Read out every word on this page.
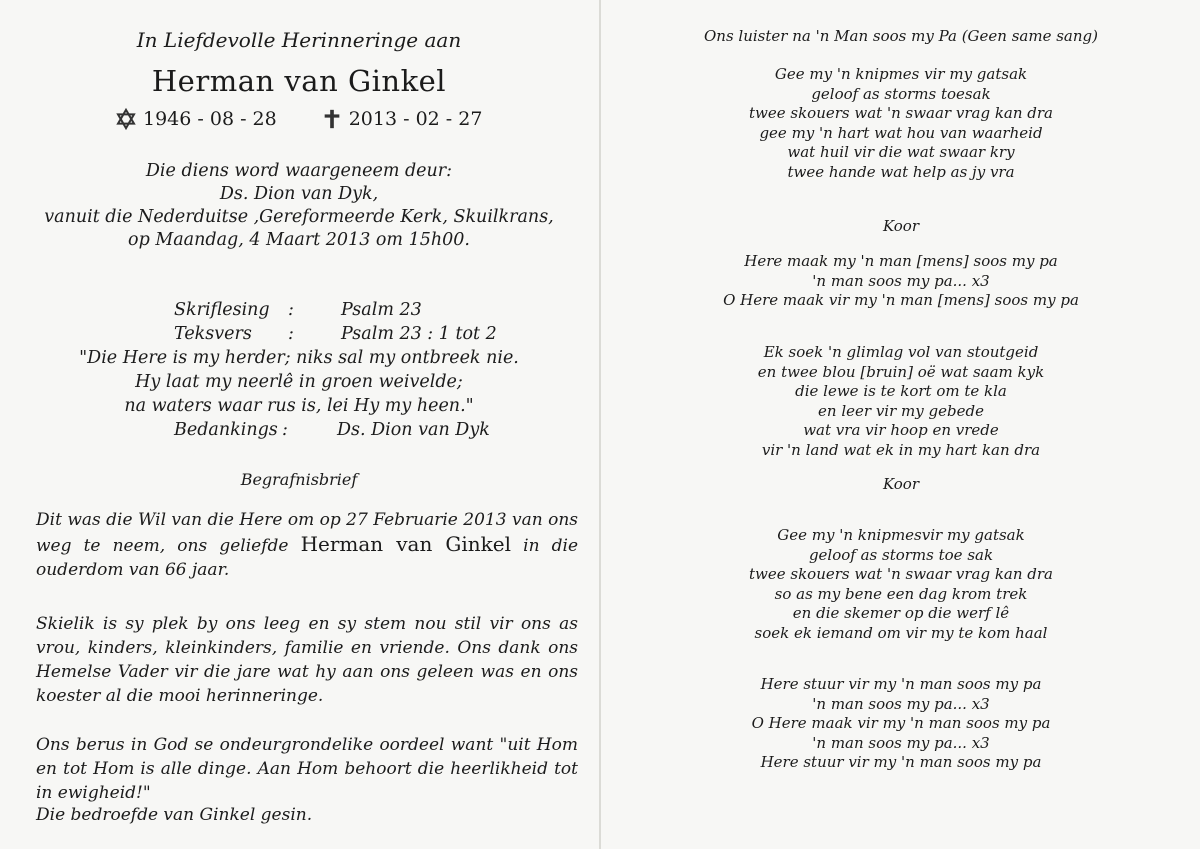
In Liefdevolle Herinneringe aan
Herman van Ginkel
1946 - 08 - 28	2013 - 02 - 27
Die diens word waargeneem deur:
Ds. Dion van Dyk,
vanuit die Nederduitse ,Gereformeerde Kerk, Skuilkrans,
op Maandag, 4 Maart 2013 om 15h00.
Skriflesing :	Psalm 23
Teksvers :	Psalm 23 : 1 tot 2
"Die Here is my herder; niks sal my ontbreek nie.
Hy laat my neerlê in groen weivelde;
na waters waar rus is, lei Hy my heen."
Bedankings :	Ds. Dion van Dyk
Begrafnisbrief
Dit was die Wil van die Here om op 27 Februarie 2013 van ons weg te neem, ons geliefde Herman van Ginkel in die ouderdom van 66 jaar.
Skielik is sy plek by ons leeg en sy stem nou stil vir ons as vrou, kinders, kleinkinders, familie en vriende. Ons dank ons Hemelse Vader vir die jare wat hy aan ons geleen was en ons koester al die mooi herinneringe.
Ons berus in God se ondeurgrondelike oordeel want "uit Hom en tot Hom is alle dinge. Aan Hom behoort die heerlikheid tot in ewigheid!"
Die bedroefde van Ginkel gesin.
Ons luister na 'n Man soos my Pa (Geen same sang)
Gee my 'n knipmes vir my gatsak
geloof as storms toesak
twee skouers wat 'n swaar vrag kan dra
gee my 'n hart wat hou van waarheid
wat huil vir die wat swaar kry
twee hande wat help as jy vra
Koor
Here maak my 'n man [mens] soos my pa
'n man soos my pa... x3
O Here maak vir my 'n man [mens] soos my pa
Ek soek 'n glimlag vol van stoutgeid
en twee blou [bruin] oë wat saam kyk
die lewe is te kort om te kla
en leer vir my gebede
wat vra vir hoop en vrede
vir 'n land wat ek in my hart kan dra
Koor
Gee my 'n knipmesvir my gatsak
geloof as storms toe sak
twee skouers wat 'n swaar vrag kan dra
so as my bene een dag krom trek
en die skemer op die werf lê
soek ek iemand om vir my te kom haal
Here stuur vir my 'n man soos my pa
'n man soos my pa... x3
O Here maak vir my 'n man soos my pa
'n man soos my pa... x3
Here stuur vir my 'n man soos my pa
